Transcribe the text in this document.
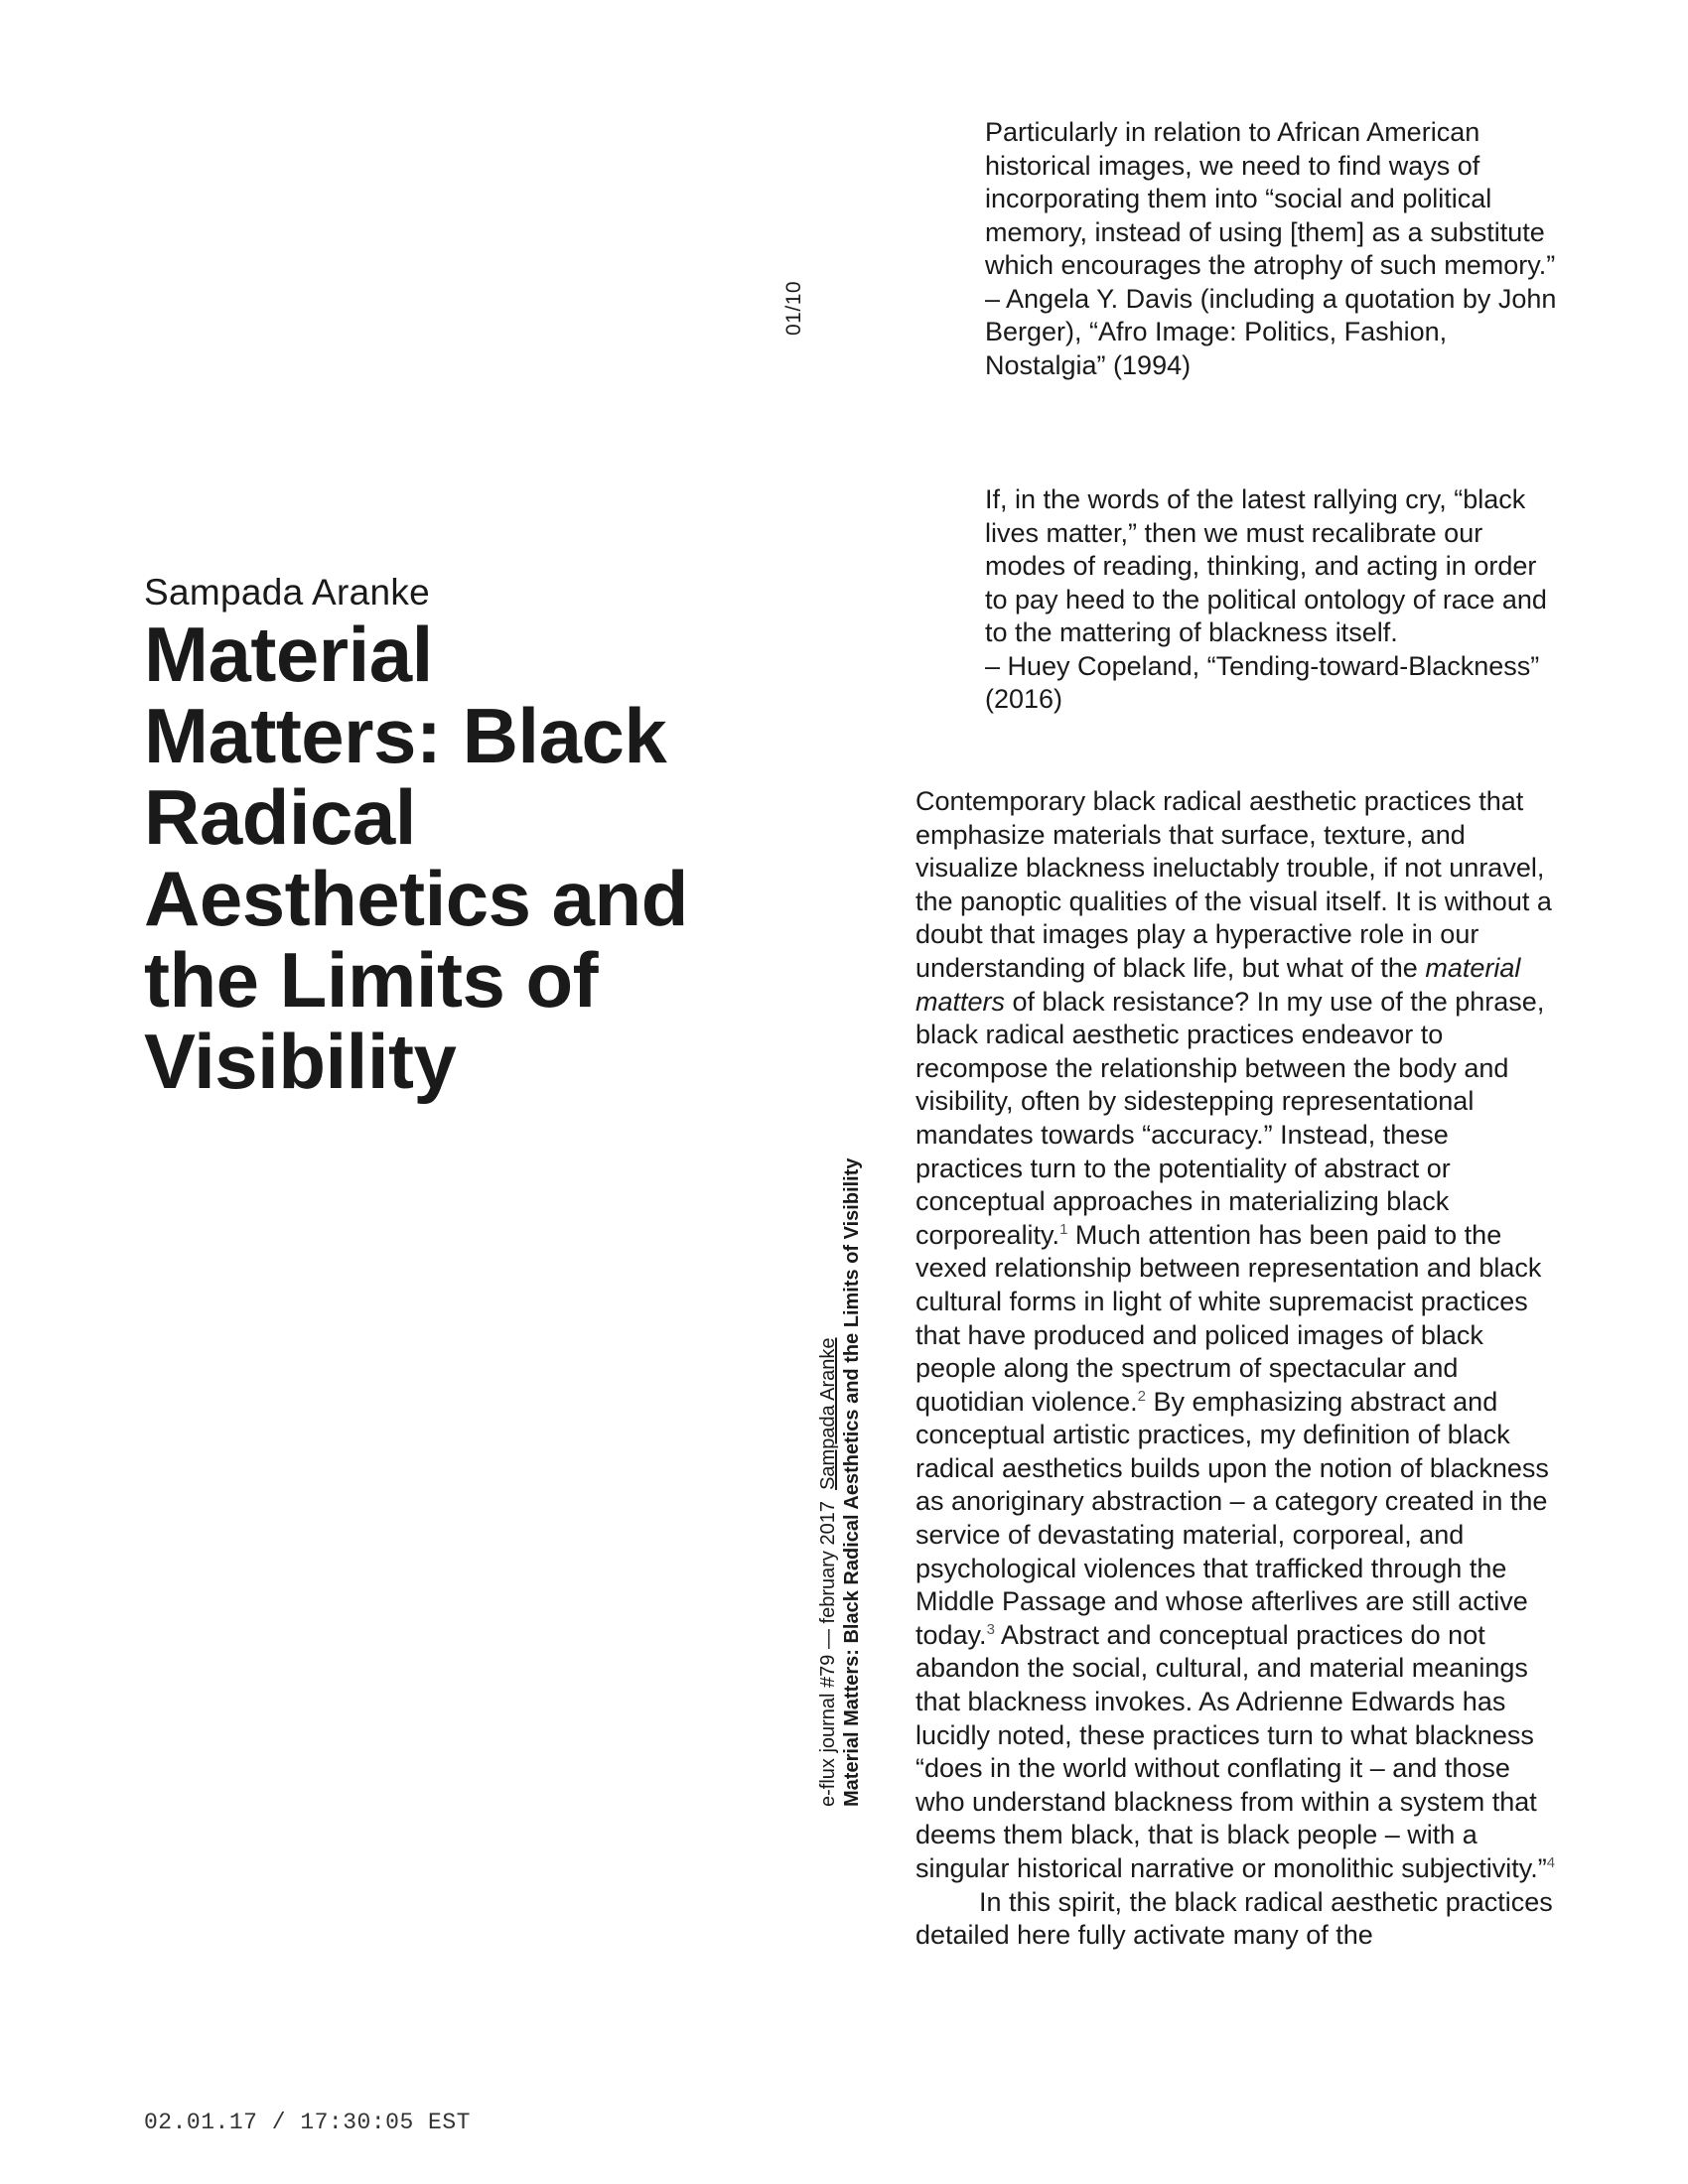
01/10
Sampada Aranke
Material Matters: Black Radical Aesthetics and the Limits of Visibility
e-flux journal #79 — february 2017  Sampada Aranke Material Matters: Black Radical Aesthetics and the Limits of Visibility

Particularly in relation to African American historical images, we need to find ways of incorporating them into “social and political memory, instead of using [them] as a substitute which encourages the atrophy of such memory.”

– Angela Y. Davis (including a quotation by John Berger), “Afro Image: Politics, Fashion, Nostalgia” (1994)

If, in the words of the latest rallying cry, “black lives matter,” then we must recalibrate our modes of reading, thinking, and acting in order to pay heed to the political ontology of race and to the mattering of blackness itself.

– Huey Copeland, “Tending-toward-Blackness” (2016)

Contemporary black radical aesthetic practices that emphasize materials that surface, texture, and visualize blackness ineluctably trouble, if not unravel, the panoptic qualities of the visual itself. It is without a doubt that images play a hyperactive role in our understanding of black life, but what of the material matters of black resistance? In my use of the phrase, black radical aesthetic practices endeavor to recompose the relationship between the body and visibility, often by sidestepping representational mandates towards “accuracy.” Instead, these practices turn to the potentiality of abstract or conceptual approaches in materializing black corporeality.$^1$ Much attention has been paid to the vexed relationship between representation and black cultural forms in light of white supremacist practices that have produced and policed images of black people along the spectrum of spectacular and quotidian violence.$^2$ By emphasizing abstract and conceptual artistic practices, my definition of black radical aesthetics builds upon the notion of blackness as anoriginary abstraction – a category created in the service of devastating material, corporeal, and psychological violences that trafficked through the Middle Passage and whose afterlives are still active today.$^3$ Abstract and conceptual practices do not abandon the social, cultural, and material meanings that blackness invokes. As Adrienne Edwards has lucidly noted, these practices turn to what blackness “does in the world without conflating it – and those who understand blackness from within a system that deems them black, that is black people – with a singular historical narrative or monolithic subjectivity.”$^4$

In this spirit, the black radical aesthetic practices detailed here fully activate many of the

02.01.17 / 17:30:05 EST
